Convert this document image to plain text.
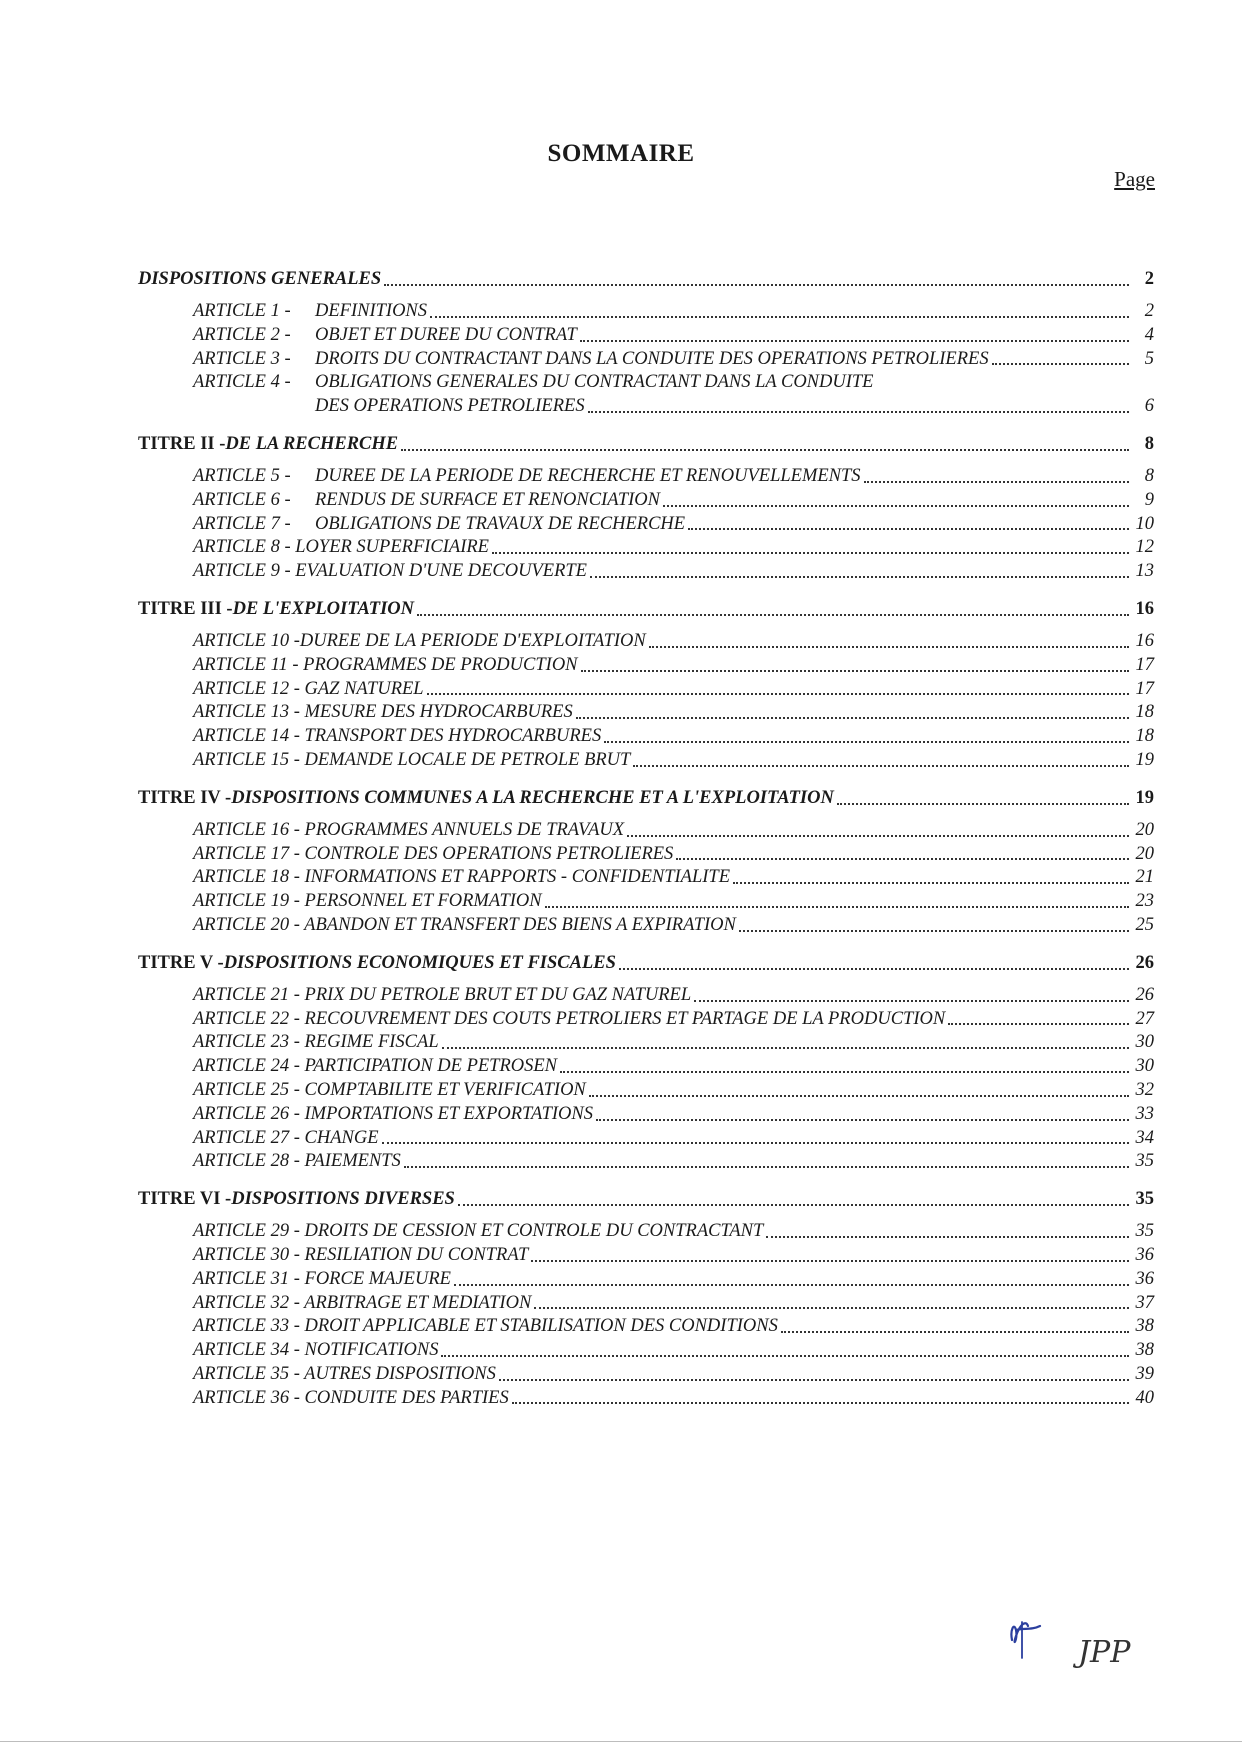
SOMMAIRE
Page
DISPOSITIONS GENERALES	2
ARTICLE 1 -	DEFINITIONS	2
ARTICLE 2 -	OBJET ET DUREE DU CONTRAT	4
ARTICLE 3 -	DROITS DU CONTRACTANT DANS LA CONDUITE DES OPERATIONS PETROLIERES	5
ARTICLE 4 -	OBLIGATIONS GENERALES DU CONTRACTANT DANS LA CONDUITE
DES OPERATIONS PETROLIERES	6
TITRE II - DE LA RECHERCHE	8
ARTICLE 5 -	DUREE DE LA PERIODE DE RECHERCHE ET RENOUVELLEMENTS	8
ARTICLE 6 -	RENDUS DE SURFACE ET RENONCIATION	9
ARTICLE 7 -	OBLIGATIONS DE TRAVAUX DE RECHERCHE	10
ARTICLE 8 - LOYER SUPERFICIAIRE	12
ARTICLE 9 - EVALUATION D'UNE DECOUVERTE	13
TITRE III - DE L'EXPLOITATION	16
ARTICLE 10 -DUREE DE LA PERIODE D'EXPLOITATION	16
ARTICLE 11 - PROGRAMMES DE PRODUCTION	17
ARTICLE 12 - GAZ NATUREL	17
ARTICLE 13 - MESURE DES HYDROCARBURES	18
ARTICLE 14 - TRANSPORT DES HYDROCARBURES	18
ARTICLE 15 - DEMANDE LOCALE DE PETROLE BRUT	19
TITRE IV - DISPOSITIONS COMMUNES A LA RECHERCHE ET A L'EXPLOITATION	19
ARTICLE 16 - PROGRAMMES ANNUELS DE TRAVAUX	20
ARTICLE 17 - CONTROLE DES OPERATIONS PETROLIERES	20
ARTICLE 18 - INFORMATIONS ET RAPPORTS - CONFIDENTIALITE	21
ARTICLE 19 - PERSONNEL ET FORMATION	23
ARTICLE 20 - ABANDON ET TRANSFERT DES BIENS A EXPIRATION	25
TITRE V - DISPOSITIONS ECONOMIQUES ET FISCALES	26
ARTICLE 21 - PRIX DU PETROLE BRUT ET DU GAZ NATUREL	26
ARTICLE 22 - RECOUVREMENT DES COUTS PETROLIERS ET PARTAGE DE LA PRODUCTION	27
ARTICLE 23 - REGIME FISCAL	30
ARTICLE 24 - PARTICIPATION DE PETROSEN	30
ARTICLE 25 - COMPTABILITE ET VERIFICATION	32
ARTICLE 26 - IMPORTATIONS ET EXPORTATIONS	33
ARTICLE 27 - CHANGE	34
ARTICLE 28 - PAIEMENTS	35
TITRE VI - DISPOSITIONS DIVERSES	35
ARTICLE 29 - DROITS DE CESSION ET CONTROLE DU CONTRACTANT	35
ARTICLE 30 - RESILIATION DU CONTRAT	36
ARTICLE 31 - FORCE MAJEURE	36
ARTICLE 32 - ARBITRAGE ET MEDIATION	37
ARTICLE 33 - DROIT APPLICABLE ET STABILISATION DES CONDITIONS	38
ARTICLE 34 - NOTIFICATIONS	38
ARTICLE 35 - AUTRES DISPOSITIONS	39
ARTICLE 36 - CONDUITE DES PARTIES	40
JPP
